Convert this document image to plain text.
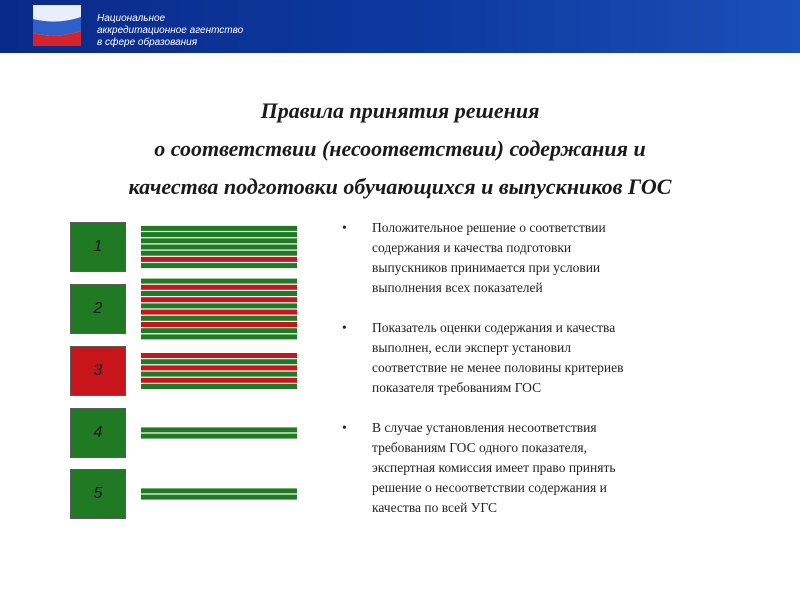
Национальное
аккредитационное агентство
в сфере образования
Правила принятия решения
о соответствии (несоответствии) содержания и
качества подготовки обучающихся и выпускников ГОС
1
2
3
4
5
• Положительное решение о соответствии
содержания и качества подготовки
выпускников принимается при условии
выполнения всех показателей
• Показатель оценки содержания и качества
выполнен, если эксперт установил
соответствие не менее половины критериев
показателя требованиям ГОС
• В случае установления несоответствия
требованиям ГОС одного показателя,
экспертная комиссия имеет право принять
решение о несоответствии содержания и
качества по всей УГС
